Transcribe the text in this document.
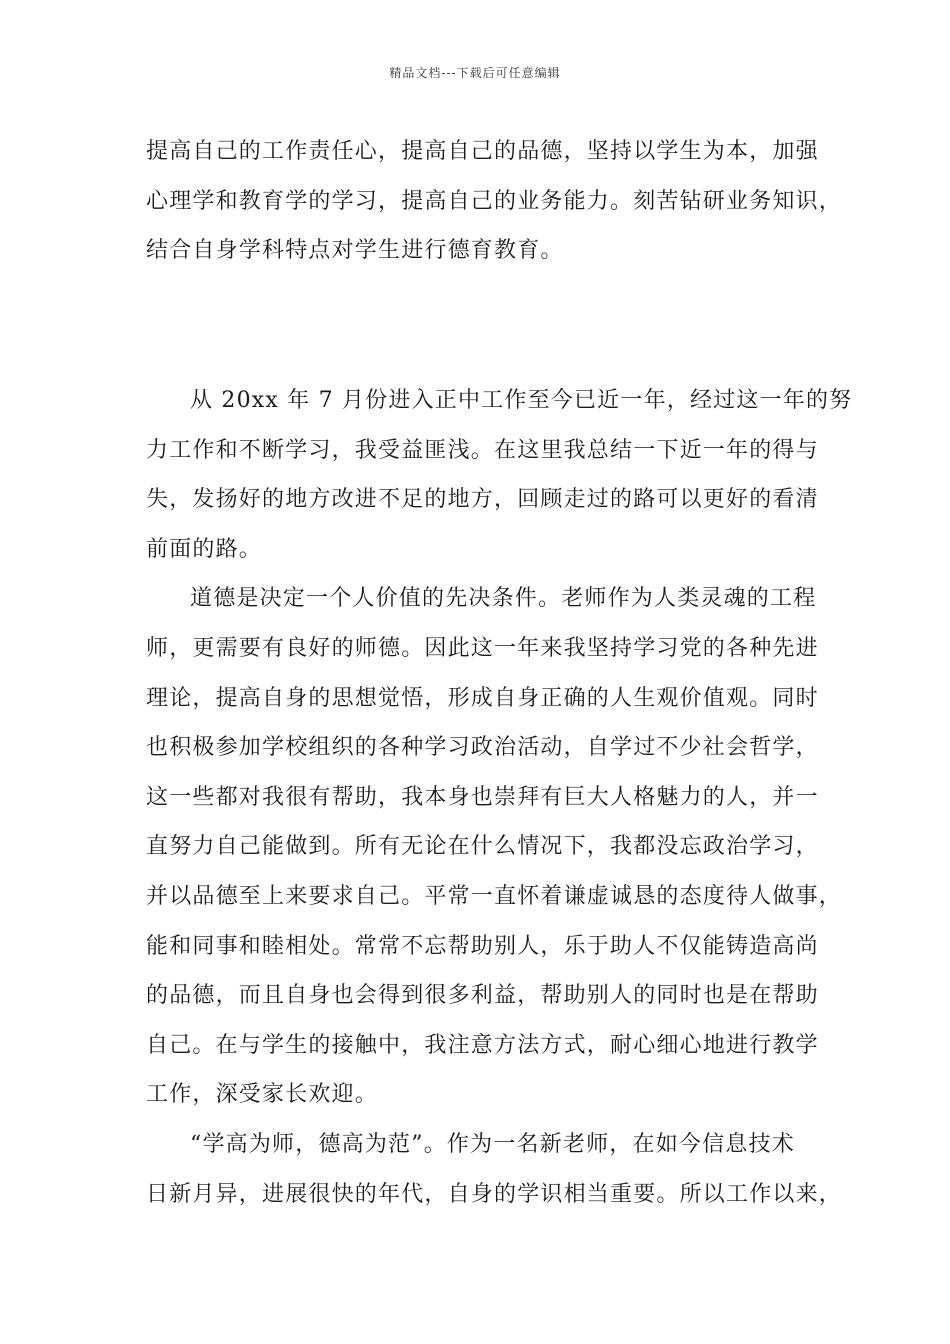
精品文档---下载后可任意编辑
提高自己的工作责任心，提高自己的品德，坚持以学生为本，加强
心理学和教育学的学习，提高自己的业务能力。刻苦钻研业务知识，
结合自身学科特点对学生进行德育教育。
从 20xx 年 7 月份进入正中工作至今已近一年，经过这一年的努
力工作和不断学习，我受益匪浅。在这里我总结一下近一年的得与
失，发扬好的地方改进不足的地方，回顾走过的路可以更好的看清
前面的路。
道德是决定一个人价值的先决条件。老师作为人类灵魂的工程
师，更需要有良好的师德。因此这一年来我坚持学习党的各种先进
理论，提高自身的思想觉悟，形成自身正确的人生观价值观。同时
也积极参加学校组织的各种学习政治活动，自学过不少社会哲学，
这一些都对我很有帮助，我本身也崇拜有巨大人格魅力的人，并一
直努力自己能做到。所有无论在什么情况下，我都没忘政治学习，
并以品德至上来要求自己。平常一直怀着谦虚诚恳的态度待人做事，
能和同事和睦相处。常常不忘帮助别人，乐于助人不仅能铸造高尚
的品德，而且自身也会得到很多利益，帮助别人的同时也是在帮助
自己。在与学生的接触中，我注意方法方式，耐心细心地进行教学
工作，深受家长欢迎。
“学高为师，德高为范”。作为一名新老师，在如今信息技术
日新月异，进展很快的年代，自身的学识相当重要。所以工作以来，
